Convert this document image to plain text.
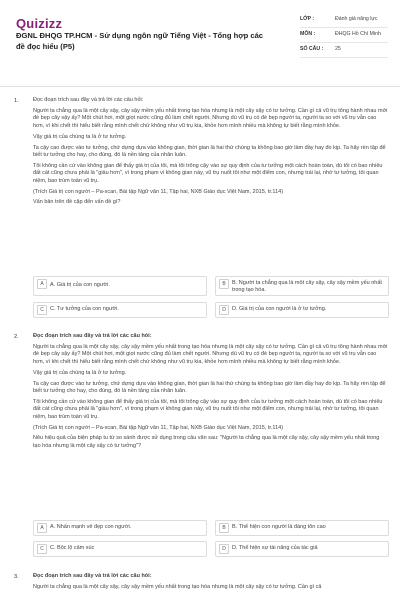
Quizizz
ĐGNL ĐHQG TP.HCM - Sử dụng ngôn ngữ Tiếng Việt - Tổng hợp các đề đọc hiểu (P5)
LỚP :	Đánh giá năng lực
MÔN :	ĐHQG Hồ Chí Minh
SỐ CÂU :	25
1.	Đọc đoạn trích sau đây và trả lời các câu hỏi:

Người ta chẳng qua là một cây sậy, cây sậy mềm yếu nhất trong tạo hóa nhưng là một cây sậy có tư tưởng. Cần gì cả vũ trụ tông hành nhau mới đè bẹp cây sậy ấy? Một chút hơi, một giọt nước cũng đủ làm chết người. Nhưng dù vũ trụ có đè bẹp người ta, người ta so với vũ trụ vẫn cao hơn, vì khi chết thì hiểu biết rằng mình chết chứ không như vũ trụ kia, khỏe hơn mình nhiều mà không tự biết rằng mình khỏe.

Vậy giá trị của chúng ta là ở tư tưởng.

Ta cậy cao được vào tư tưởng, chứ dựng dựa vào không gian, thời gian là hai thứ chúng ta không bao giờ làm đầy hay đo kịp. Ta hãy rèn tập để biết tư tưởng cho hay, cho đúng, đó là nền tảng của nhân luân.

Tôi không cần cứ vào không gian để thấy giá trị của tôi, mà tôi trông cậy vào sự quy định của tư tưởng một cách hoàn toàn, dù tôi có bao nhiêu đất cát cũng chưa phải là "giàu hơn", vì trong phạm vi không gian này, vũ trụ nuốt tôi như một điểm con, nhưng trái lại, nhờ tư tưởng, tôi quan niệm, bao trùm toàn vũ trụ.

(Trích Giá trị con người – Pa-xcan, Bài tập Ngữ văn 11, Tập hai, NXB Giáo dục Việt Nam, 2015, tr.114)

Vấn bản trên đề cập đến vấn đề gì?

A	A. Giá trị của con người.	B	B. Người ta chẳng qua là một cây sậy, cây sậy mềm yếu nhất trong tạo hóa.
C	C. Tư tưởng của con người.	D	D. Giá trị của con người là ở tư tưởng.
2.	Đọc đoạn trích sau đây và trả lời các câu hỏi:

Người ta chẳng qua là một cây sậy, cây sậy mềm yếu nhất trong tạo hóa nhưng là một cây sậy có tư tưởng. Cần gì cả vũ trụ tông hành nhau mới đè bẹp cây sậy ấy? Một chút hơi, một giọt nước cũng đủ làm chết người. Nhưng dù vũ trụ có đè bẹp người ta, người ta so với vũ trụ vẫn cao hơn, vì khi chết thì hiểu biết rằng mình chết chứ không như vũ trụ kia, khỏe hơn mình nhiều mà không tự biết rằng mình khỏe.

Vậy giá trị của chúng ta là ở tư tưởng.

Ta cậy cao được vào tư tưởng, chứ dựng dựa vào không gian, thời gian là hai thứ chúng ta không bao giờ làm đầy hay đo kịp. Ta hãy rèn tập để biết tư tưởng cho hay, cho đúng, đó là nền tảng của nhân luân.

Tôi không cần cứ vào không gian để thấy giá trị của tôi, mà tôi trông cậy vào sự quy định của tư tưởng một cách hoàn toàn, dù tôi có bao nhiêu đất cát cũng chưa phải là "giàu hơn", vì trong phạm vi không gian này, vũ trụ nuốt tôi như một điểm con, nhưng trái lại, nhờ tư tưởng, tôi quan niệm, bao trùm toàn vũ trụ.

(Trích Giá trị con người – Pa-xcan, Bài tập Ngữ văn 11, Tập hai, NXB Giáo dục Việt Nam, 2015, tr.114)

Nêu hiệu quả của biện pháp tu từ so sánh được sử dụng trong câu văn sau: "Người ta chẳng qua là một cây sậy, cây sậy mềm yếu nhất trong tạo hóa nhưng là một cây sậy có tư tưởng"?

A	A. Nhấn mạnh vẻ đẹp con người.	B	B. Thể hiện con người là đáng tôn cao
C	C. Bộc lộ cảm xúc	D	D. Thể hiện sự tài năng của tác giả
3.	Đọc đoạn trích sau đây và trả lời các câu hỏi:

Người ta chẳng qua là một cây sậy, cây sậy mềm yếu nhất trong tạo hóa nhưng là một cây sậy có tư tưởng. Cần gì cả
